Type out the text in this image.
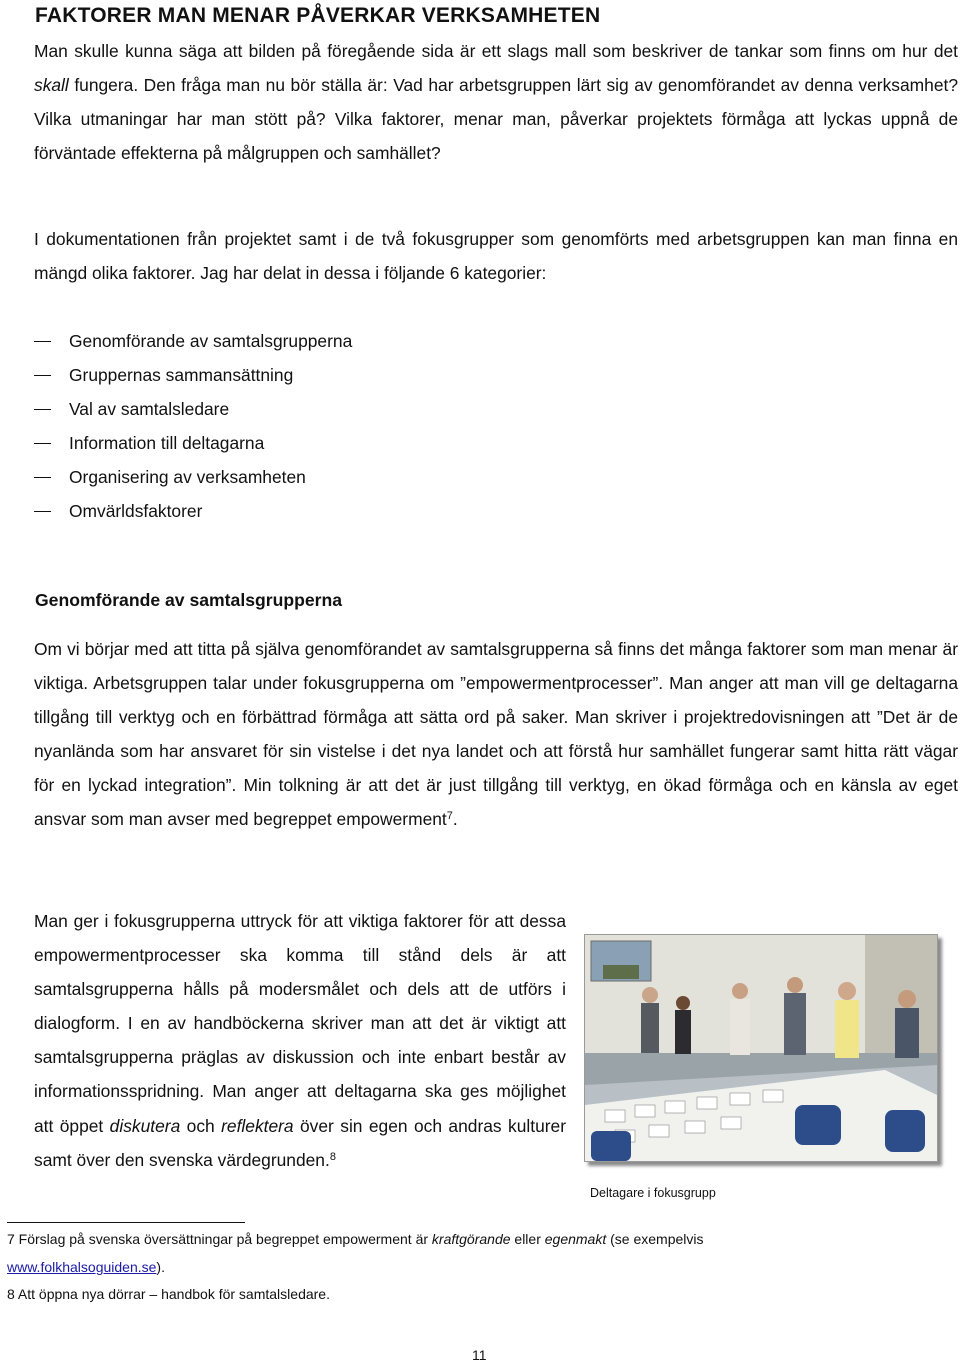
FAKTORER MAN MENAR PÅVERKAR VERKSAMHETEN

Man skulle kunna säga att bilden på föregående sida är ett slags mall som beskriver de tankar som finns om hur det skall fungera. Den fråga man nu bör ställa är: Vad har arbetsgruppen lärt sig av genomförandet av denna verksamhet? Vilka utmaningar har man stött på? Vilka faktorer, menar man, påverkar projektets förmåga att lyckas uppnå de förväntade effekterna på målgruppen och samhället?

I dokumentationen från projektet samt i de två fokusgrupper som genomförts med arbetsgruppen kan man finna en mängd olika faktorer. Jag har delat in dessa i följande 6 kategorier:

Genomförande av samtalsgrupperna
Gruppernas sammansättning
Val av samtalsledare
Information till deltagarna
Organisering av verksamheten
Omvärldsfaktorer
Genomförande av samtalsgrupperna

Om vi börjar med att titta på själva genomförandet av samtalsgrupperna så finns det många faktorer som man menar är viktiga. Arbetsgruppen talar under fokusgrupperna om ”empowermentprocesser”. Man anger att man vill ge deltagarna tillgång till verktyg och en förbättrad förmåga att sätta ord på saker. Man skriver i projektredovisningen att ”Det är de nyanlända som har ansvaret för sin vistelse i det nya landet och att förstå hur samhället fungerar samt hitta rätt vägar för en lyckad integration”. Min tolkning är att det är just tillgång till verktyg, en ökad förmåga och en känsla av eget ansvar som man avser med begreppet empowerment$^7$.

Man ger i fokusgrupperna uttryck för att viktiga faktorer för att dessa empowermentprocesser ska komma till stånd dels är att samtalsgrupperna hålls på modersmålet och dels att de utförs i dialogform. I en av handböckerna skriver man att det är viktigt att samtalsgrupperna präglas av diskussion och inte enbart består av informationsspridning. Man anger att deltagarna ska ges möjlighet att öppet diskutera och reflektera över sin egen och andras kulturer samt över den svenska värdegrunden.$^8$

Deltagare i fokusgrupp
7 Förslag på svenska översättningar på begreppet empowerment är kraftgörande eller egenmakt (se exempelvis
www.folkhalsoguiden.se).
8 Att öppna nya dörrar – handbok för samtalsledare.
11
